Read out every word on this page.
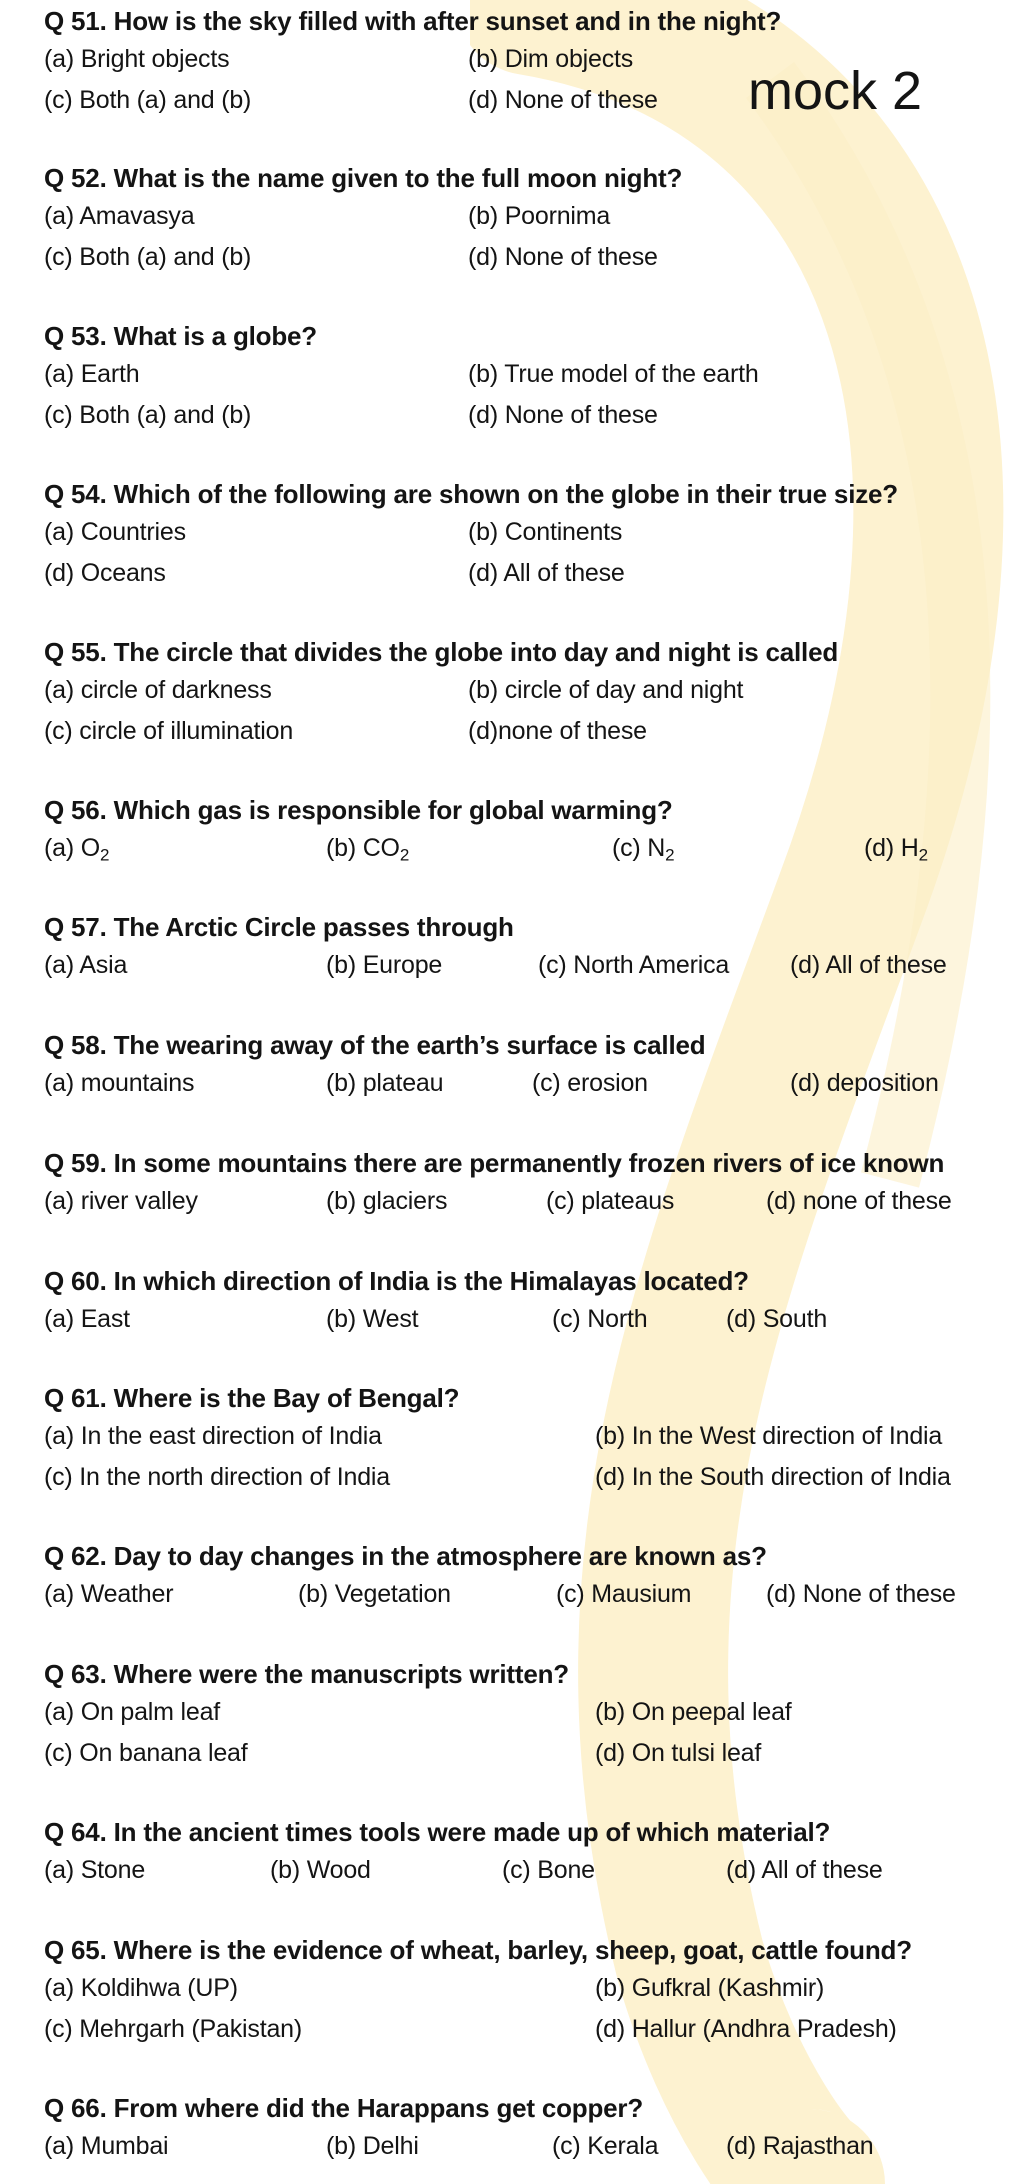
mock 2
Q 51. How is the sky filled with after sunset and in the night?
(a) Bright objects	(b) Dim objects
(c) Both (a) and (b)	(d) None of these
Q 52. What is the name given to the full moon night?
(a) Amavasya	(b) Poornima
(c) Both (a) and (b)	(d) None of these
Q 53. What is a globe?
(a) Earth	(b) True model of the earth
(c) Both (a) and (b)	(d) None of these
Q 54. Which of the following are shown on the globe in their true size?
(a) Countries	(b) Continents
(d) Oceans	(d) All of these
Q 55. The circle that divides the globe into day and night is called
(a) circle of darkness	(b) circle of day and night
(c) circle of illumination	(d)none of these
Q 56. Which gas is responsible for global warming?
(a) $O_2$	(b) $CO_2$	(c) $N_2$	(d) $H_2$
Q 57. The Arctic Circle passes through
(a) Asia	(b) Europe	(c) North America (d) All of these
Q 58. The wearing away of the earth’s surface is called
(a) mountains	(b) plateau	(c) erosion	(d) deposition
Q 59. In some mountains there are permanently frozen rivers of ice known
(a) river valley	(b) glaciers	(c) plateaus	(d) none of these
Q 60. In which direction of India is the Himalayas located?
(a) East	(b) West	(c) North	(d) South
Q 61. Where is the Bay of Bengal?
(a) In the east direction of India	(b) In the West direction of India
(c) In the north direction of India	(d) In the South direction of India
Q 62. Day to day changes in the atmosphere are known as?
(a) Weather	(b) Vegetation	(c) Mausium	(d) None of these
Q 63. Where were the manuscripts written?
(a) On palm leaf	(b) On peepal leaf
(c) On banana leaf	(d) On tulsi leaf
Q 64. In the ancient times tools were made up of which material?
(a) Stone	(b) Wood	(c) Bone	(d) All of these
Q 65. Where is the evidence of wheat, barley, sheep, goat, cattle found?
(a) Koldihwa (UP)	(b) Gufkral (Kashmir)
(c) Mehrgarh (Pakistan)	(d) Hallur (Andhra Pradesh)
Q 66. From where did the Harappans get copper?
(a) Mumbai	(b) Delhi	(c) Kerala	(d) Rajasthan
